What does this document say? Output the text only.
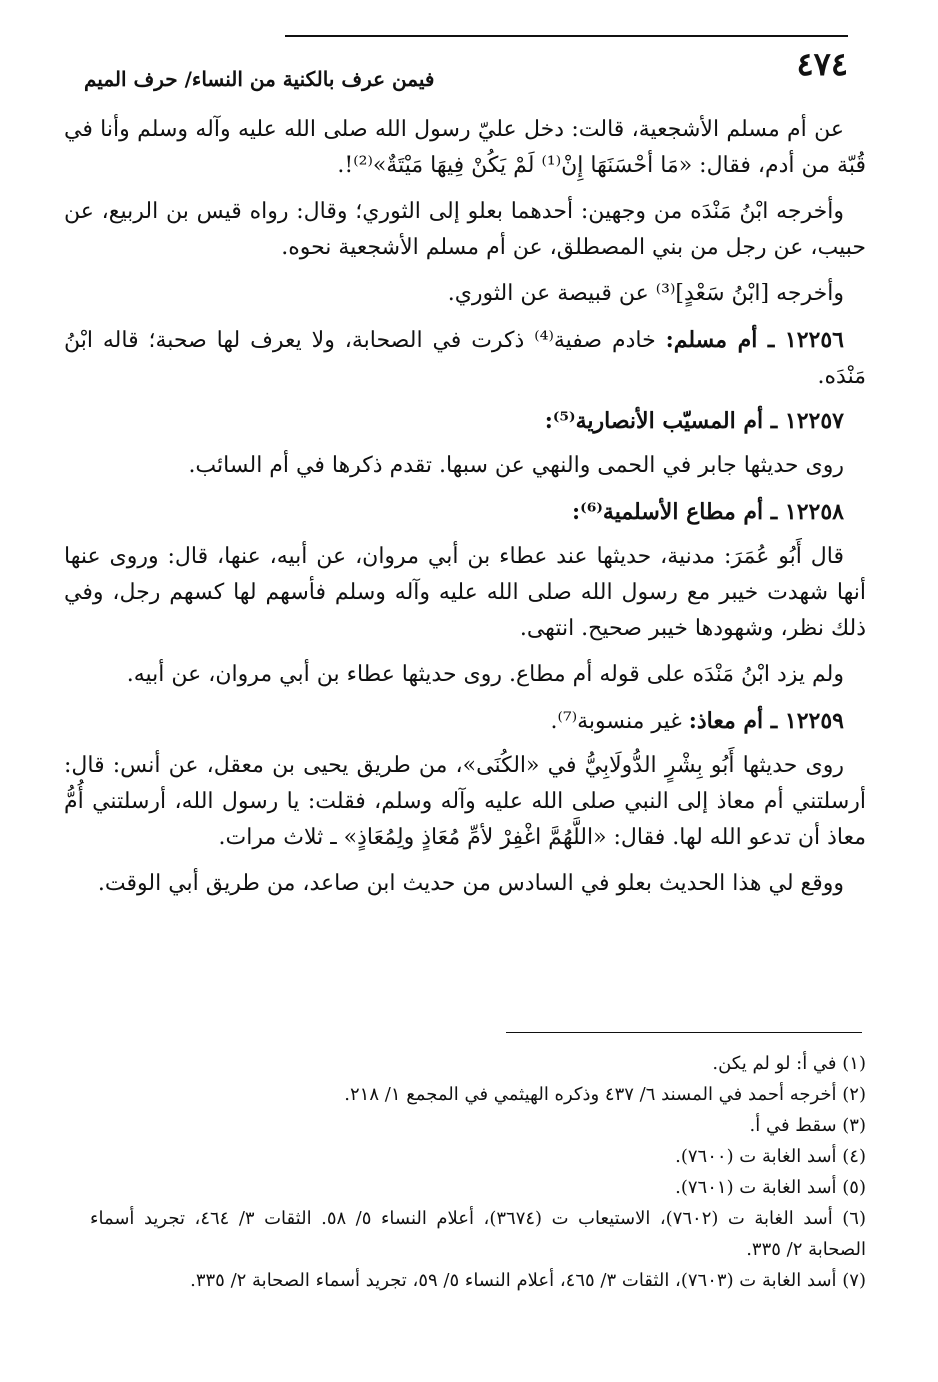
٤٧٤
فيمن عرف بالكنية من النساء/ حرف الميم

عن أم مسلم الأشجعية، قالت: دخل عليّ رسول الله صلى الله عليه وآله وسلم وأنا في قُبّة من أدم، فقال: «مَا أحْسَنَهَا إِنْ⁽¹⁾ لَمْ يَكُنْ فِيهَا مَيْتَةٌ»⁽²⁾!.

وأخرجه ابْنُ مَنْدَه من وجهين: أحدهما بعلو إلى الثوري؛ وقال: رواه قيس بن الربيع، عن حبيب، عن رجل من بني المصطلق، عن أم مسلم الأشجعية نحوه.

وأخرجه [ابْنُ سَعْدٍ]⁽³⁾ عن قبيصة عن الثوري.

١٢٢٥٦ ـ أم مسلم: خادم صفية⁽⁴⁾ ذكرت في الصحابة، ولا يعرف لها صحبة؛ قاله ابْنُ مَنْدَه.

١٢٢٥٧ ـ أم المسيّب الأنصارية⁽⁵⁾:

روى حديثها جابر في الحمى والنهي عن سبها. تقدم ذكرها في أم السائب.

١٢٢٥٨ ـ أم مطاع الأسلمية⁽⁶⁾:

قال أَبُو عُمَرَ: مدنية، حديثها عند عطاء بن أبي مروان، عن أبيه، عنها، قال: وروى عنها أنها شهدت خيبر مع رسول الله صلى الله عليه وآله وسلم فأسهم لها كسهم رجل، وفي ذلك نظر، وشهودها خيبر صحيح. انتهى.

ولم يزد ابْنُ مَنْدَه على قوله أم مطاع. روى حديثها عطاء بن أبي مروان، عن أبيه.

١٢٢٥٩ ـ أم معاذ: غير منسوبة⁽⁷⁾.

روى حديثها أَبُو بِشْرٍ الدُّولَابِيُّ في «الكُنَى»، من طريق يحيى بن معقل، عن أنس: قال: أرسلتني أم معاذ إلى النبي صلى الله عليه وآله وسلم، فقلت: يا رسول الله، أرسلتني أُمُّ معاذ أن تدعو الله لها. فقال: «اللَّهُمَّ اغْفِرْ لأمِّ مُعَاذٍ ولِمُعَاذٍ» ـ ثلاث مرات.

ووقع لي هذا الحديث بعلو في السادس من حديث ابن صاعد، من طريق أبي الوقت.

(١) في أ: لو لم يكن.

(٢) أخرجه أحمد في المسند ٦/ ٤٣٧ وذكره الهيثمي في المجمع ١/ ٢١٨.

(٣) سقط في أ.

(٤) أسد الغابة ت (٧٦٠٠).

(٥) أسد الغابة ت (٧٦٠١).

(٦) أسد الغابة ت (٧٦٠٢)، الاستيعاب ت (٣٦٧٤)، أعلام النساء ٥/ ٥٨. الثقات ٣/ ٤٦٤، تجريد أسماء الصحابة ٢/ ٣٣٥.

(٧) أسد الغابة ت (٧٦٠٣)، الثقات ٣/ ٤٦٥، أعلام النساء ٥/ ٥٩، تجريد أسماء الصحابة ٢/ ٣٣٥.
